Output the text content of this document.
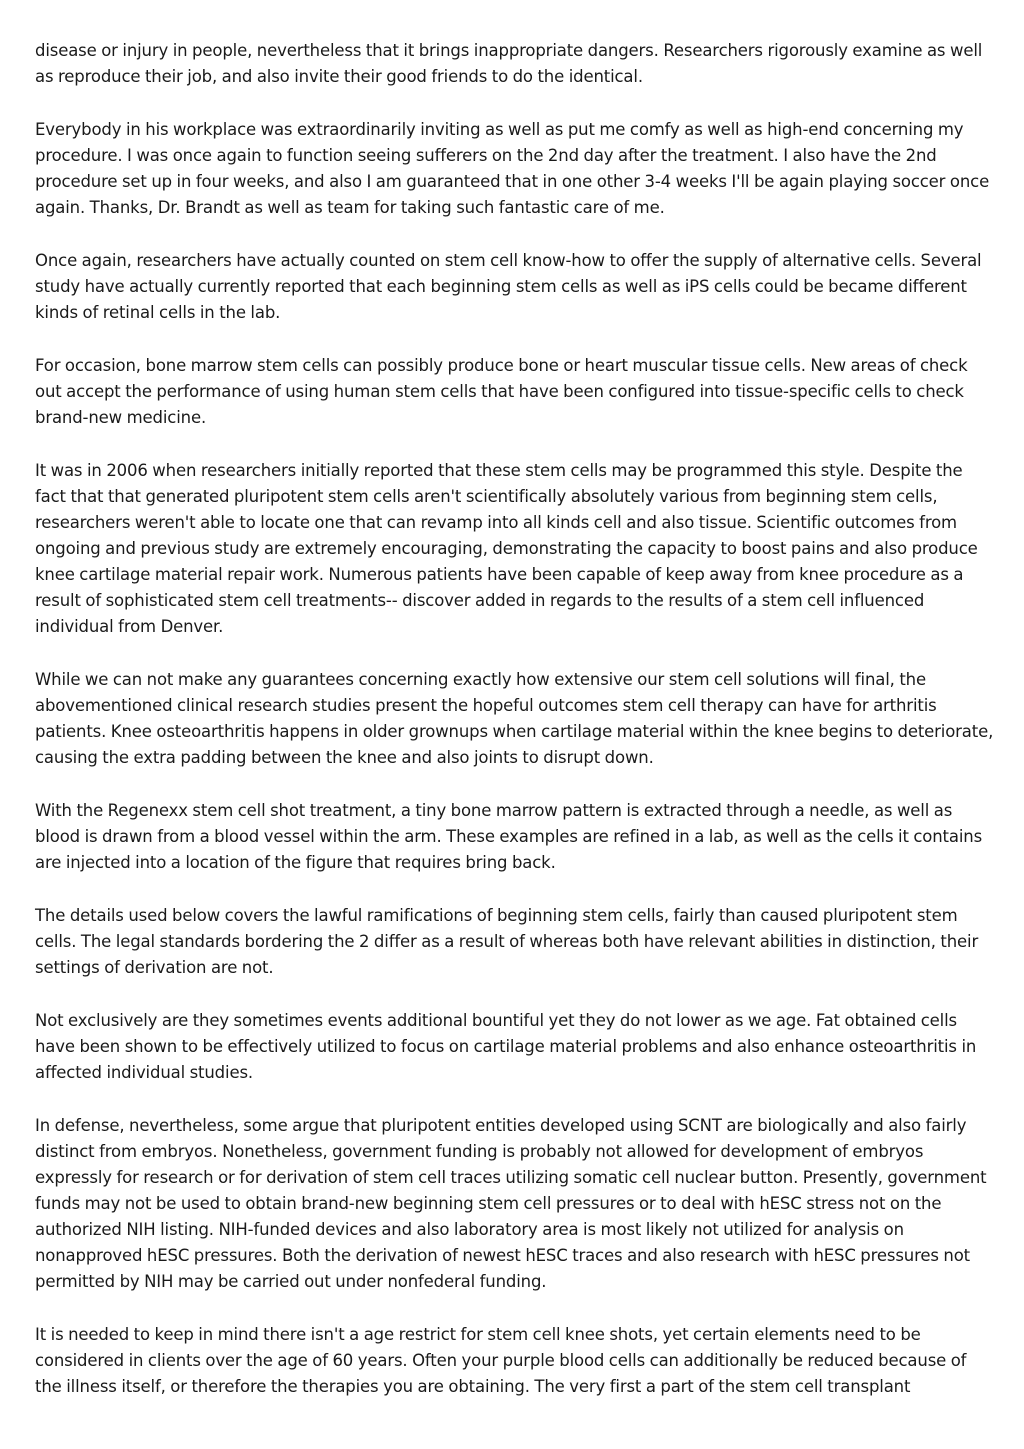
disease or injury in people, nevertheless that it brings inappropriate dangers. Researchers rigorously examine as well as reproduce their job, and also invite their good friends to do the identical.

Everybody in his workplace was extraordinarily inviting as well as put me comfy as well as high-end concerning my procedure. I was once again to function seeing sufferers on the 2nd day after the treatment. I also have the 2nd procedure set up in four weeks, and also I am guaranteed that in one other 3-4 weeks I'll be again playing soccer once again. Thanks, Dr. Brandt as well as team for taking such fantastic care of me.

Once again, researchers have actually counted on stem cell know-how to offer the supply of alternative cells. Several study have actually currently reported that each beginning stem cells as well as iPS cells could be became different kinds of retinal cells in the lab.

For occasion, bone marrow stem cells can possibly produce bone or heart muscular tissue cells. New areas of check out accept the performance of using human stem cells that have been configured into tissue-specific cells to check brand-new medicine.

It was in 2006 when researchers initially reported that these stem cells may be programmed this style. Despite the fact that that generated pluripotent stem cells aren't scientifically absolutely various from beginning stem cells, researchers weren't able to locate one that can revamp into all kinds cell and also tissue. Scientific outcomes from ongoing and previous study are extremely encouraging, demonstrating the capacity to boost pains and also produce knee cartilage material repair work. Numerous patients have been capable of keep away from knee procedure as a result of sophisticated stem cell treatments-- discover added in regards to the results of a stem cell influenced individual from Denver.

While we can not make any guarantees concerning exactly how extensive our stem cell solutions will final, the abovementioned clinical research studies present the hopeful outcomes stem cell therapy can have for arthritis patients. Knee osteoarthritis happens in older grownups when cartilage material within the knee begins to deteriorate, causing the extra padding between the knee and also joints to disrupt down.

With the Regenexx stem cell shot treatment, a tiny bone marrow pattern is extracted through a needle, as well as blood is drawn from a blood vessel within the arm. These examples are refined in a lab, as well as the cells it contains are injected into a location of the figure that requires bring back.

The details used below covers the lawful ramifications of beginning stem cells, fairly than caused pluripotent stem cells. The legal standards bordering the 2 differ as a result of whereas both have relevant abilities in distinction, their settings of derivation are not.

Not exclusively are they sometimes events additional bountiful yet they do not lower as we age. Fat obtained cells have been shown to be effectively utilized to focus on cartilage material problems and also enhance osteoarthritis in affected individual studies.

In defense, nevertheless, some argue that pluripotent entities developed using SCNT are biologically and also fairly distinct from embryos. Nonetheless, government funding is probably not allowed for development of embryos expressly for research or for derivation of stem cell traces utilizing somatic cell nuclear button. Presently, government funds may not be used to obtain brand-new beginning stem cell pressures or to deal with hESC stress not on the authorized NIH listing. NIH-funded devices and also laboratory area is most likely not utilized for analysis on nonapproved hESC pressures. Both the derivation of newest hESC traces and also research with hESC pressures not permitted by NIH may be carried out under nonfederal funding.

It is needed to keep in mind there isn't a age restrict for stem cell knee shots, yet certain elements need to be considered in clients over the age of 60 years. Often your purple blood cells can additionally be reduced because of the illness itself, or therefore the therapies you are obtaining. The very first a part of the stem cell transplant
